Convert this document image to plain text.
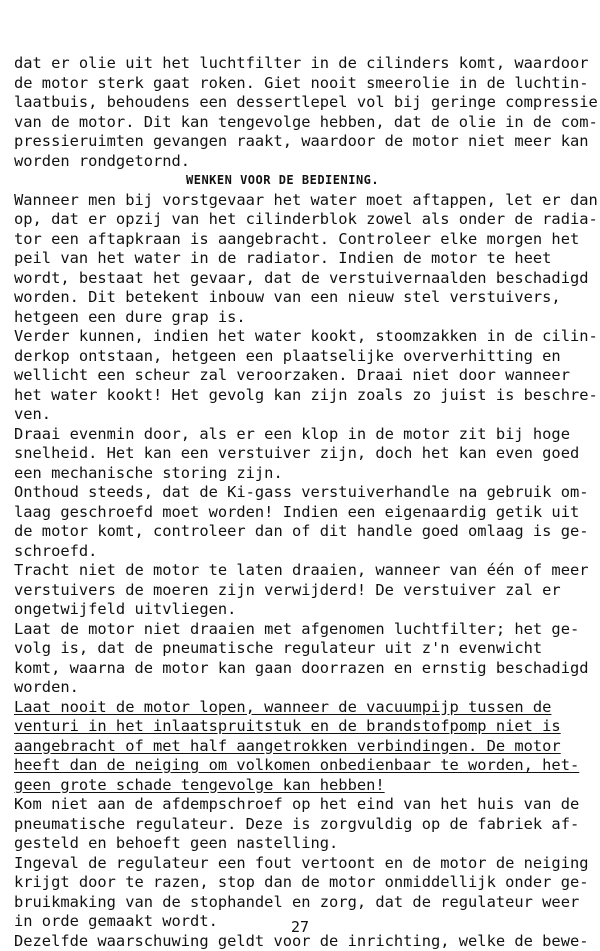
dat er olie uit het luchtfilter in de cilinders komt, waardoor
de motor sterk gaat roken. Giet nooit smeerolie in de luchtin-
laatbuis, behoudens een dessertlepel vol bij geringe compressie
van de motor. Dit kan tengevolge hebben, dat de olie in de com-
pressieruimten gevangen raakt, waardoor de motor niet meer kan
worden rondgetornd.
WENKEN VOOR DE BEDIENING.
Wanneer men bij vorstgevaar het water moet aftappen, let er dan
op, dat er opzij van het cilinderblok zowel als onder de radia-
tor een aftapkraan is aangebracht. Controleer elke morgen het
peil van het water in de radiator. Indien de motor te heet
wordt, bestaat het gevaar, dat de verstuivernaalden beschadigd
worden. Dit betekent inbouw van een nieuw stel verstuivers,
hetgeen een dure grap is.
Verder kunnen, indien het water kookt, stoomzakken in de cilin-
derkop ontstaan, hetgeen een plaatselijke oververhitting en
wellicht een scheur zal veroorzaken. Draai niet door wanneer
het water kookt! Het gevolg kan zijn zoals zo juist is beschre-
ven.
Draai evenmin door, als er een klop in de motor zit bij hoge
snelheid. Het kan een verstuiver zijn, doch het kan even goed
een mechanische storing zijn.
Onthoud steeds, dat de Ki-gass verstuiverhandle na gebruik om-
laag geschroefd moet worden! Indien een eigenaardig getik uit
de motor komt, controleer dan of dit handle goed omlaag is ge-
schroefd.
Tracht niet de motor te laten draaien, wanneer van één of meer
verstuivers de moeren zijn verwijderd! De verstuiver zal er
ongetwijfeld uitvliegen.
Laat de motor niet draaien met afgenomen luchtfilter; het ge-
volg is, dat de pneumatische regulateur uit z'n evenwicht
komt, waarna de motor kan gaan doorrazen en ernstig beschadigd
worden.
Laat nooit de motor lopen, wanneer de vacuumpijp tussen de
venturi in het inlaatspruitstuk en de brandstofpomp niet is
aangebracht of met half aangetrokken verbindingen. De motor
heeft dan de neiging om volkomen onbedienbaar te worden, het-
geen grote schade tengevolge kan hebben!
Kom niet aan de afdempschroef op het eind van het huis van de
pneumatische regulateur. Deze is zorgvuldig op de fabriek af-
gesteld en behoeft geen nastelling.
Ingeval de regulateur een fout vertoont en de motor de neiging
krijgt door te razen, stop dan de motor onmiddellijk onder ge-
bruikmaking van de stophandel en zorg, dat de regulateur weer
in orde gemaakt wordt.
Dezelfde waarschuwing geldt voor de inrichting, welke de bewe-
27
